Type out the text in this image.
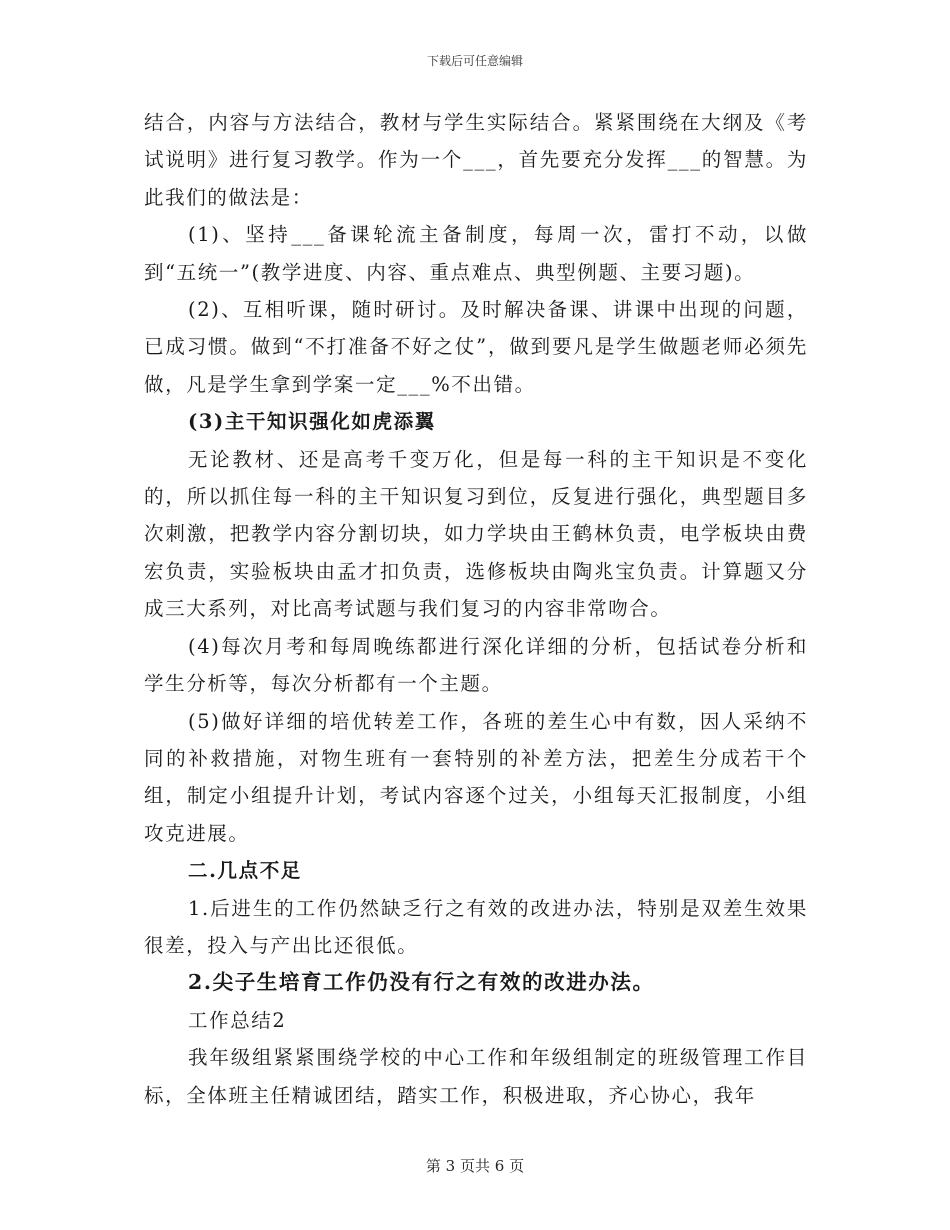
下载后可任意编辑

结合，内容与方法结合，教材与学生实际结合。紧紧围绕在大纲及《考试说明》进行复习教学。作为一个___，首先要充分发挥___的智慧。为此我们的做法是：

(1)、坚持___备课轮流主备制度，每周一次，雷打不动，以做到“五统一”(教学进度、内容、重点难点、典型例题、主要习题)。

(2)、互相听课，随时研讨。及时解决备课、讲课中出现的问题，已成习惯。做到“不打准备不好之仗”，做到要凡是学生做题老师必须先做，凡是学生拿到学案一定___%不出错。

(3)主干知识强化如虎添翼

无论教材、还是高考千变万化，但是每一科的主干知识是不变化的，所以抓住每一科的主干知识复习到位，反复进行强化，典型题目多次刺激，把教学内容分割切块，如力学块由王鹤林负责，电学板块由费宏负责，实验板块由孟才扣负责，选修板块由陶兆宝负责。计算题又分成三大系列，对比高考试题与我们复习的内容非常吻合。

(4)每次月考和每周晚练都进行深化详细的分析，包括试卷分析和学生分析等，每次分析都有一个主题。

(5)做好详细的培优转差工作，各班的差生心中有数，因人采纳不同的补救措施，对物生班有一套特别的补差方法，把差生分成若干个组，制定小组提升计划，考试内容逐个过关，小组每天汇报制度，小组攻克进展。

二.几点不足

1.后进生的工作仍然缺乏行之有效的改进办法，特别是双差生效果很差，投入与产出比还很低。

2.尖子生培育工作仍没有行之有效的改进办法。

工作总结2

我年级组紧紧围绕学校的中心工作和年级组制定的班级管理工作目标，全体班主任精诚团结，踏实工作，积极进取，齐心协心，我年

第 3 页共 6 页
